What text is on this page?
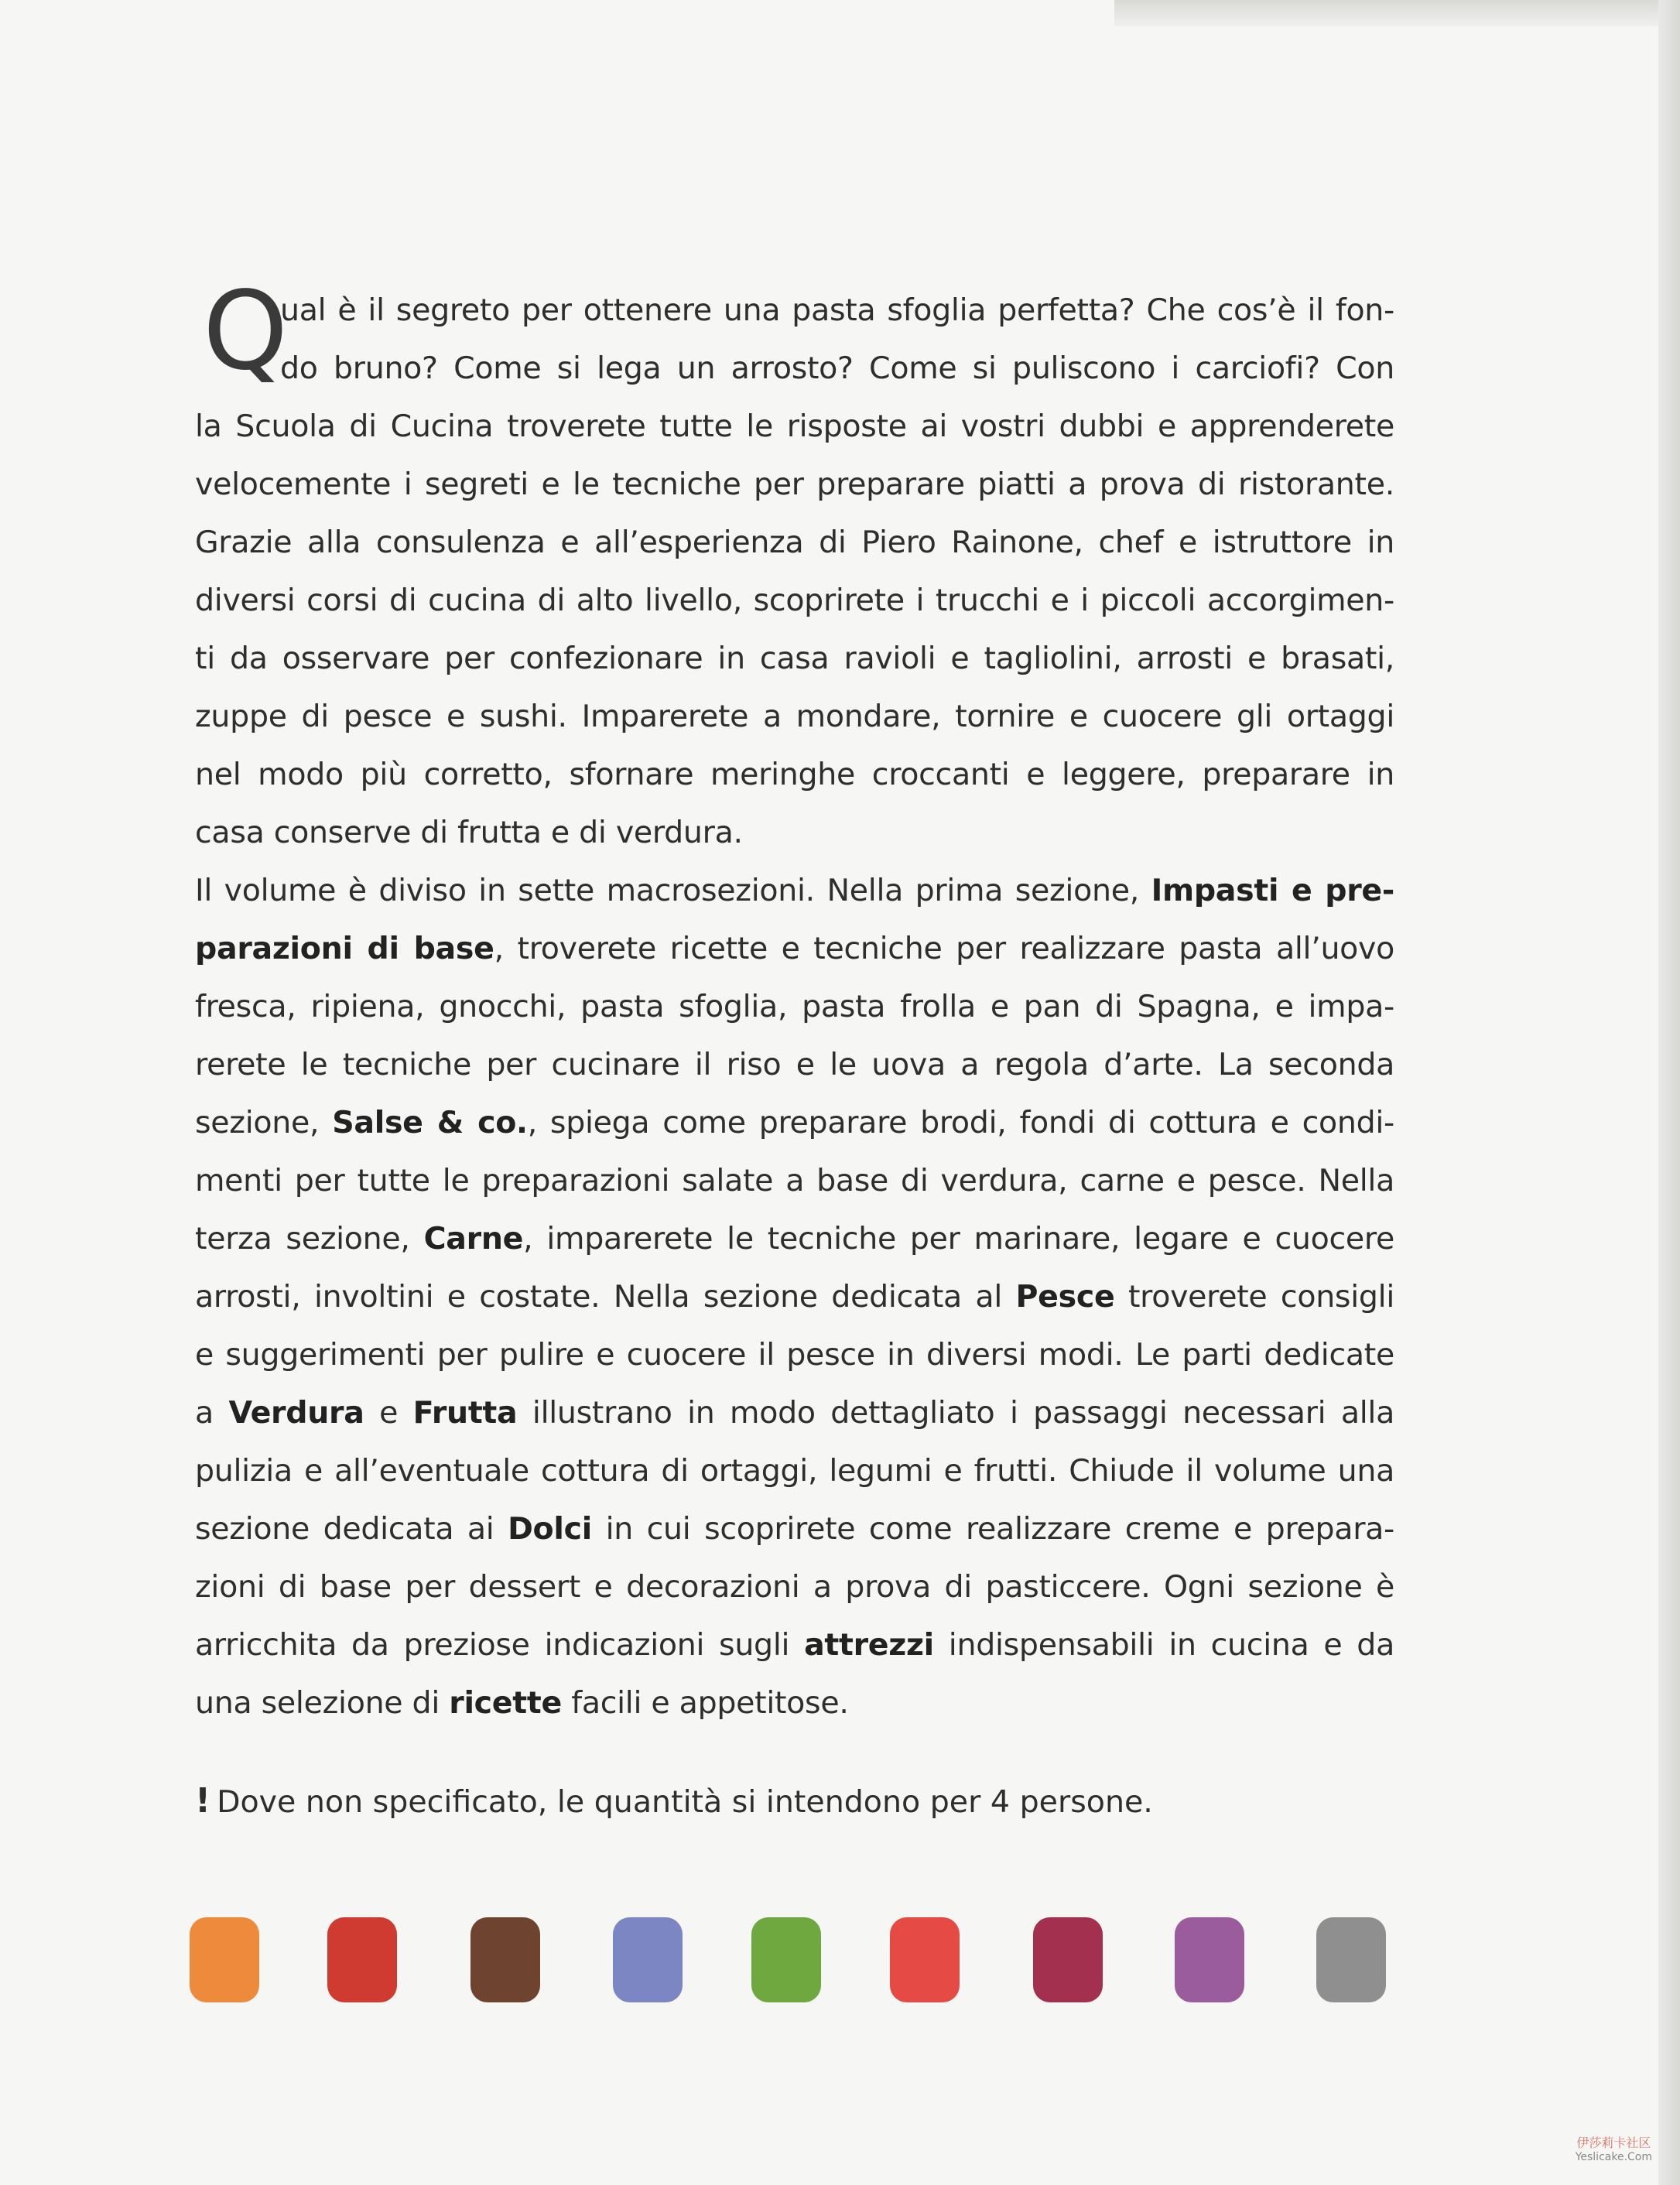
Q

ual è il segreto per ottenere una pasta sfoglia perfetta? Che cos’è il fon-
do bruno? Come si lega un arrosto? Come si puliscono i carciofi? Con
la Scuola di Cucina troverete tutte le risposte ai vostri dubbi e apprenderete
velocemente i segreti e le tecniche per preparare piatti a prova di ristorante.
Grazie alla consulenza e all’esperienza di Piero Rainone, chef e istruttore in
diversi corsi di cucina di alto livello, scoprirete i trucchi e i piccoli accorgimen-
ti da osservare per confezionare in casa ravioli e tagliolini, arrosti e brasati,
zuppe di pesce e sushi. Imparerete a mondare, tornire e cuocere gli ortaggi
nel modo più corretto, sfornare meringhe croccanti e leggere, preparare in
casa conserve di frutta e di verdura.

Il volume è diviso in sette macrosezioni. Nella prima sezione, Impasti e pre-
parazioni di base, troverete ricette e tecniche per realizzare pasta all’uovo
fresca, ripiena, gnocchi, pasta sfoglia, pasta frolla e pan di Spagna, e impa-
rerete le tecniche per cucinare il riso e le uova a regola d’arte. La seconda
sezione, Salse & co., spiega come preparare brodi, fondi di cottura e condi-
menti per tutte le preparazioni salate a base di verdura, carne e pesce. Nella
terza sezione, Carne, imparerete le tecniche per marinare, legare e cuocere
arrosti, involtini e costate. Nella sezione dedicata al Pesce troverete consigli
e suggerimenti per pulire e cuocere il pesce in diversi modi. Le parti dedicate
a Verdura e Frutta illustrano in modo dettagliato i passaggi necessari alla
pulizia e all’eventuale cottura di ortaggi, legumi e frutti. Chiude il volume una
sezione dedicata ai Dolci in cui scoprirete come realizzare creme e prepara-
zioni di base per dessert e decorazioni a prova di pasticcere. Ogni sezione è
arricchita da preziose indicazioni sugli attrezzi indispensabili in cucina e da
una selezione di ricette facili e appetitose.

! Dove non specificato, le quantità si intendono per 4 persone.
伊莎莉卡社区
Yeslicake.Com
